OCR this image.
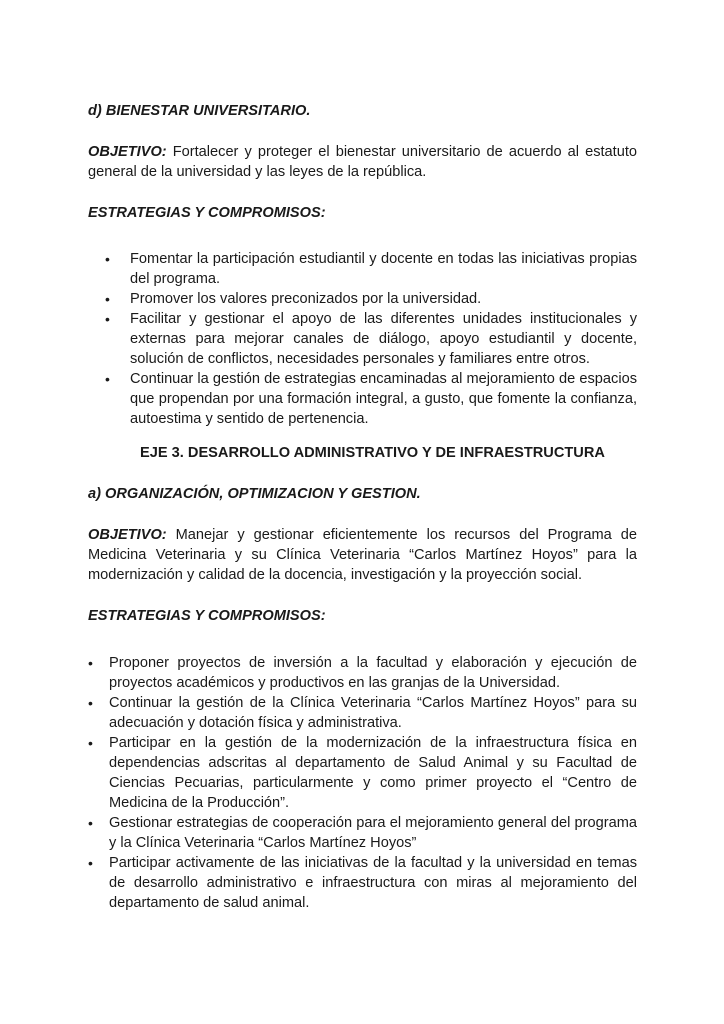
d) BIENESTAR UNIVERSITARIO.

OBJETIVO: Fortalecer y proteger el bienestar universitario de acuerdo al estatuto general de la universidad y las leyes de la república.

ESTRATEGIAS Y COMPROMISOS:

• Fomentar la participación estudiantil y docente en todas las iniciativas propias del programa.
• Promover los valores preconizados por la universidad.
• Facilitar y gestionar el apoyo de las diferentes unidades institucionales y externas para mejorar canales de diálogo, apoyo estudiantil y docente, solución de conflictos, necesidades personales y familiares entre otros.
• Continuar la gestión de estrategias encaminadas al mejoramiento de espacios que propendan por una formación integral, a gusto, que fomente la confianza, autoestima y sentido de pertenencia.

EJE 3. DESARROLLO ADMINISTRATIVO Y DE INFRAESTRUCTURA

a) ORGANIZACIÓN, OPTIMIZACION Y GESTION.

OBJETIVO: Manejar y gestionar eficientemente los recursos del Programa de Medicina Veterinaria y su Clínica Veterinaria “Carlos Martínez Hoyos” para la modernización y calidad de la docencia, investigación y la proyección social.

ESTRATEGIAS Y COMPROMISOS:

• Proponer proyectos de inversión a la facultad y elaboración y ejecución de proyectos académicos y productivos en las granjas de la Universidad.
• Continuar la gestión de la Clínica Veterinaria “Carlos Martínez Hoyos” para su adecuación y dotación física y administrativa.
• Participar en la gestión de la modernización de la infraestructura física en dependencias adscritas al departamento de Salud Animal y su Facultad de Ciencias Pecuarias, particularmente y como primer proyecto el “Centro de Medicina de la Producción”.
• Gestionar estrategias de cooperación para el mejoramiento general del programa y la Clínica Veterinaria “Carlos Martínez Hoyos”
• Participar activamente de las iniciativas de la facultad y la universidad en temas de desarrollo administrativo e infraestructura con miras al mejoramiento del departamento de salud animal.
